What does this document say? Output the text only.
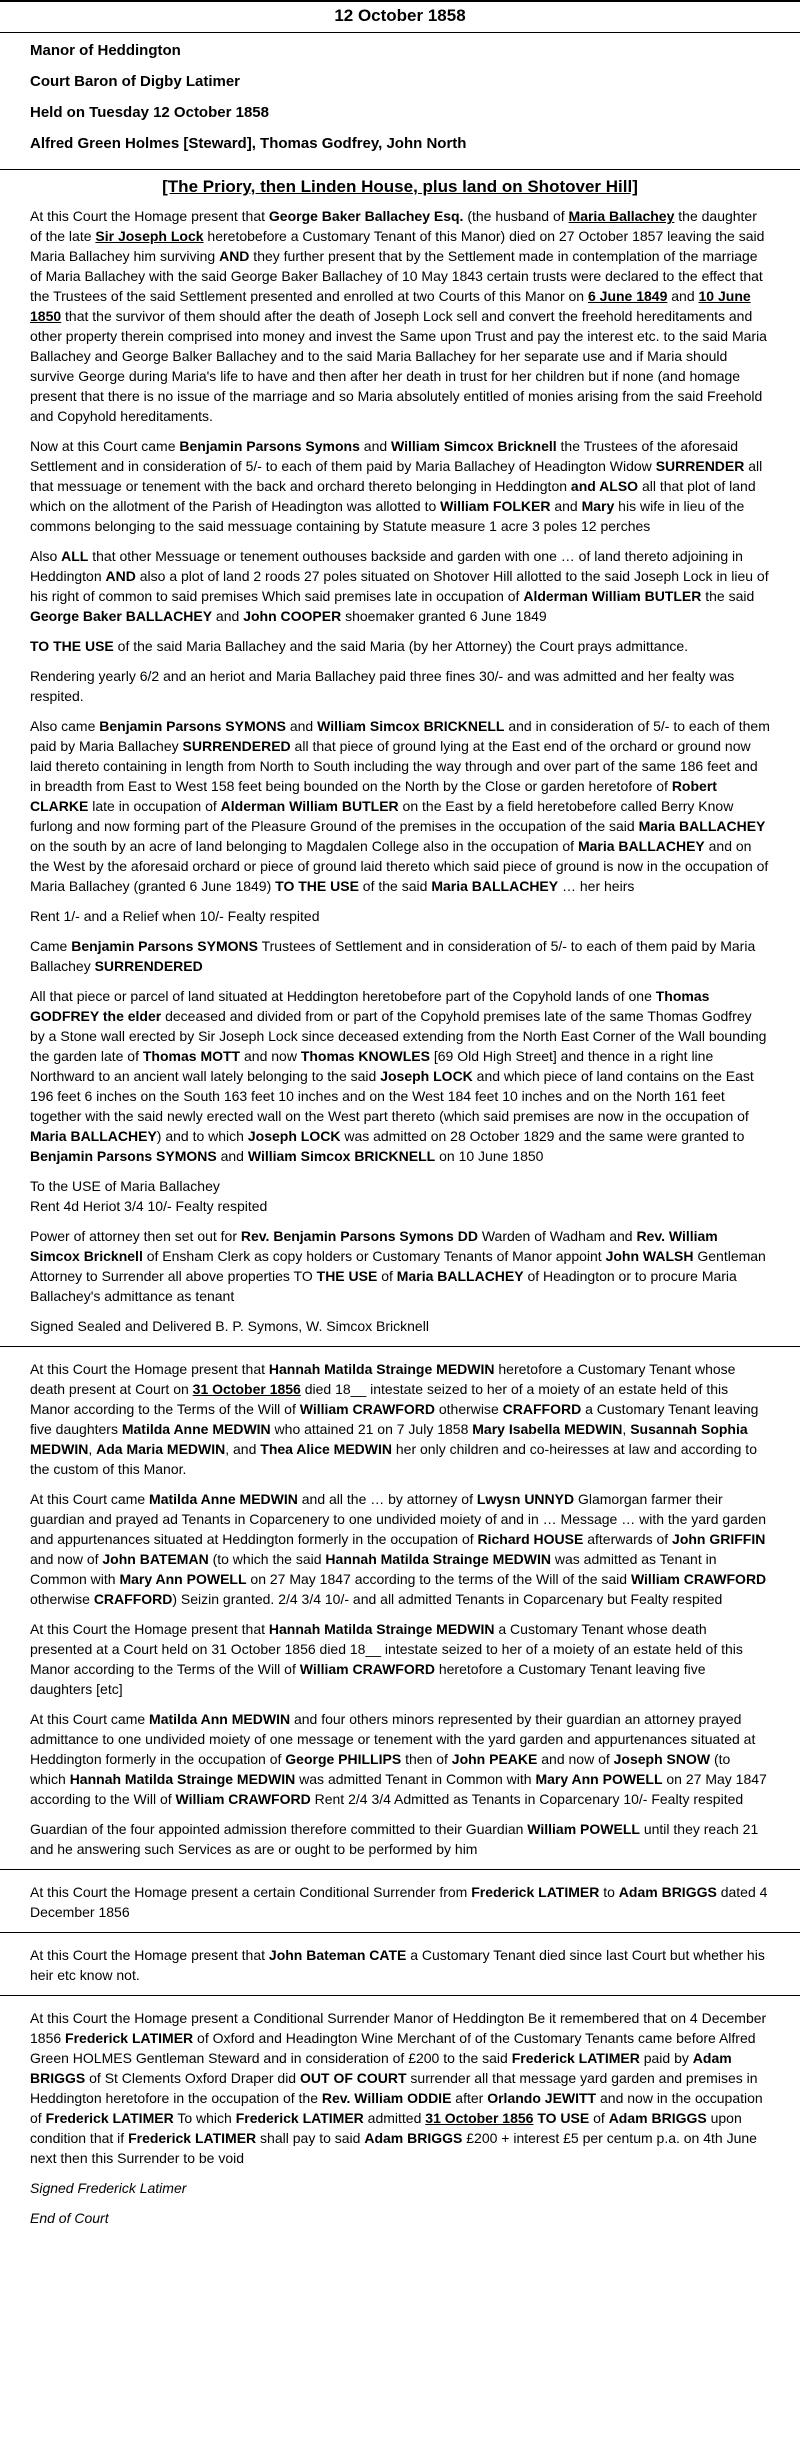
12 October 1858
Manor of Heddington
Court Baron of Digby Latimer
Held on Tuesday 12 October 1858
Alfred Green Holmes [Steward], Thomas Godfrey, John North
[The Priory, then Linden House, plus land on Shotover Hill]

At this Court the Homage present that George Baker Ballachey Esq. (the husband of Maria Ballachey the daughter of the late Sir Joseph Lock heretobefore a Customary Tenant of this Manor) died on 27 October 1857 leaving the said Maria Ballachey him surviving AND they further present that by the Settlement made in contemplation of the marriage of Maria Ballachey with the said George Baker Ballachey of 10 May 1843 certain trusts were declared to the effect that the Trustees of the said Settlement presented and enrolled at two Courts of this Manor on 6 June 1849 and 10 June 1850 that the survivor of them should after the death of Joseph Lock sell and convert the freehold hereditaments and other property therein comprised into money and invest the Same upon Trust and pay the interest etc. to the said Maria Ballachey and George Balker Ballachey and to the said Maria Ballachey for her separate use and if Maria should survive George during Maria's life to have and then after her death in trust for her children but if none (and homage present that there is no issue of the marriage and so Maria absolutely entitled of monies arising from the said Freehold and Copyhold hereditaments.

Now at this Court came Benjamin Parsons Symons and William Simcox Bricknell the Trustees of the aforesaid Settlement and in consideration of 5/- to each of them paid by Maria Ballachey of Headington Widow SURRENDER all that messuage or tenement with the back and orchard thereto belonging in Heddington and ALSO all that plot of land which on the allotment of the Parish of Headington was allotted to William FOLKER and Mary his wife in lieu of the commons belonging to the said messuage containing by Statute measure 1 acre 3 poles 12 perches

Also ALL that other Messuage or tenement outhouses backside and garden with one … of land thereto adjoining in Heddington AND also a plot of land 2 roods 27 poles situated on Shotover Hill allotted to the said Joseph Lock in lieu of his right of common to said premises Which said premises late in occupation of Alderman William BUTLER the said George Baker BALLACHEY and John COOPER shoemaker granted 6 June 1849

TO THE USE of the said Maria Ballachey and the said Maria (by her Attorney) the Court prays admittance.

Rendering yearly 6/2 and an heriot and Maria Ballachey paid three fines 30/- and was admitted and her fealty was respited.

Also came Benjamin Parsons SYMONS and William Simcox BRICKNELL and in consideration of 5/- to each of them paid by Maria Ballachey SURRENDERED all that piece of ground lying at the East end of the orchard or ground now laid thereto containing in length from North to South including the way through and over part of the same 186 feet and in breadth from East to West 158 feet being bounded on the North by the Close or garden heretofore of Robert CLARKE late in occupation of Alderman William BUTLER on the East by a field heretobefore called Berry Know furlong and now forming part of the Pleasure Ground of the premises in the occupation of the said Maria BALLACHEY on the south by an acre of land belonging to Magdalen College also in the occupation of Maria BALLACHEY and on the West by the aforesaid orchard or piece of ground laid thereto which said piece of ground is now in the occupation of Maria Ballachey (granted 6 June 1849) TO THE USE of the said Maria BALLACHEY … her heirs

Rent 1/- and a Relief when 10/- Fealty respited

Came Benjamin Parsons SYMONS Trustees of Settlement and in consideration of 5/- to each of them paid by Maria Ballachey SURRENDERED

All that piece or parcel of land situated at Heddington heretobefore part of the Copyhold lands of one Thomas GODFREY the elder deceased and divided from or part of the Copyhold premises late of the same Thomas Godfrey by a Stone wall erected by Sir Joseph Lock since deceased extending from the North East Corner of the Wall bounding the garden late of Thomas MOTT and now Thomas KNOWLES [69 Old High Street] and thence in a right line Northward to an ancient wall lately belonging to the said Joseph LOCK and which piece of land contains on the East 196 feet 6 inches on the South 163 feet 10 inches and on the West 184 feet 10 inches and on the North 161 feet together with the said newly erected wall on the West part thereto (which said premises are now in the occupation of Maria BALLACHEY) and to which Joseph LOCK was admitted on 28 October 1829 and the same were granted to Benjamin Parsons SYMONS and William Simcox BRICKNELL on 10 June 1850

To the USE of Maria Ballachey
Rent 4d Heriot 3/4 10/- Fealty respited

Power of attorney then set out for Rev. Benjamin Parsons Symons DD Warden of Wadham and Rev. William Simcox Bricknell of Ensham Clerk as copy holders or Customary Tenants of Manor appoint John WALSH Gentleman Attorney to Surrender all above properties TO THE USE of Maria BALLACHEY of Headington or to procure Maria Ballachey's admittance as tenant

Signed Sealed and Delivered B. P. Symons, W. Simcox Bricknell

At this Court the Homage present that Hannah Matilda Strainge MEDWIN heretofore a Customary Tenant whose death present at Court on 31 October 1856 died 18__ intestate seized to her of a moiety of an estate held of this Manor according to the Terms of the Will of William CRAWFORD otherwise CRAFFORD a Customary Tenant leaving five daughters Matilda Anne MEDWIN who attained 21 on 7 July 1858 Mary Isabella MEDWIN, Susannah Sophia MEDWIN, Ada Maria MEDWIN, and Thea Alice MEDWIN her only children and co-heiresses at law and according to the custom of this Manor.

At this Court came Matilda Anne MEDWIN and all the … by attorney of Lwysn UNNYD Glamorgan farmer their guardian and prayed ad Tenants in Coparcenery to one undivided moiety of and in … Message … with the yard garden and appurtenances situated at Heddington formerly in the occupation of Richard HOUSE afterwards of John GRIFFIN and now of John BATEMAN (to which the said Hannah Matilda Strainge MEDWIN was admitted as Tenant in Common with Mary Ann POWELL on 27 May 1847 according to the terms of the Will of the said William CRAWFORD otherwise CRAFFORD) Seizin granted. 2/4 3/4 10/- and all admitted Tenants in Coparcenary but Fealty respited

At this Court the Homage present that Hannah Matilda Strainge MEDWIN a Customary Tenant whose death presented at a Court held on 31 October 1856 died 18__ intestate seized to her of a moiety of an estate held of this Manor according to the Terms of the Will of William CRAWFORD heretofore a Customary Tenant leaving five daughters [etc]

At this Court came Matilda Ann MEDWIN and four others minors represented by their guardian an attorney prayed admittance to one undivided moiety of one message or tenement with the yard garden and appurtenances situated at Heddington formerly in the occupation of George PHILLIPS then of John PEAKE and now of Joseph SNOW (to which Hannah Matilda Strainge MEDWIN was admitted Tenant in Common with Mary Ann POWELL on 27 May 1847 according to the Will of William CRAWFORD Rent 2/4 3/4 Admitted as Tenants in Coparcenary 10/- Fealty respited

Guardian of the four appointed admission therefore committed to their Guardian William POWELL until they reach 21 and he answering such Services as are or ought to be performed by him

At this Court the Homage present a certain Conditional Surrender from Frederick LATIMER to Adam BRIGGS dated 4 December 1856

At this Court the Homage present that John Bateman CATE a Customary Tenant died since last Court but whether his heir etc know not.

At this Court the Homage present a Conditional Surrender Manor of Heddington Be it remembered that on 4 December 1856 Frederick LATIMER of Oxford and Headington Wine Merchant of of the Customary Tenants came before Alfred Green HOLMES Gentleman Steward and in consideration of £200 to the said Frederick LATIMER paid by Adam BRIGGS of St Clements Oxford Draper did OUT OF COURT surrender all that message yard garden and premises in Heddington heretofore in the occupation of the Rev. William ODDIE after Orlando JEWITT and now in the occupation of Frederick LATIMER To which Frederick LATIMER admitted 31 October 1856 TO USE of Adam BRIGGS upon condition that if Frederick LATIMER shall pay to said Adam BRIGGS £200 + interest £5 per centum p.a. on 4th June next then this Surrender to be void

Signed Frederick Latimer

End of Court
